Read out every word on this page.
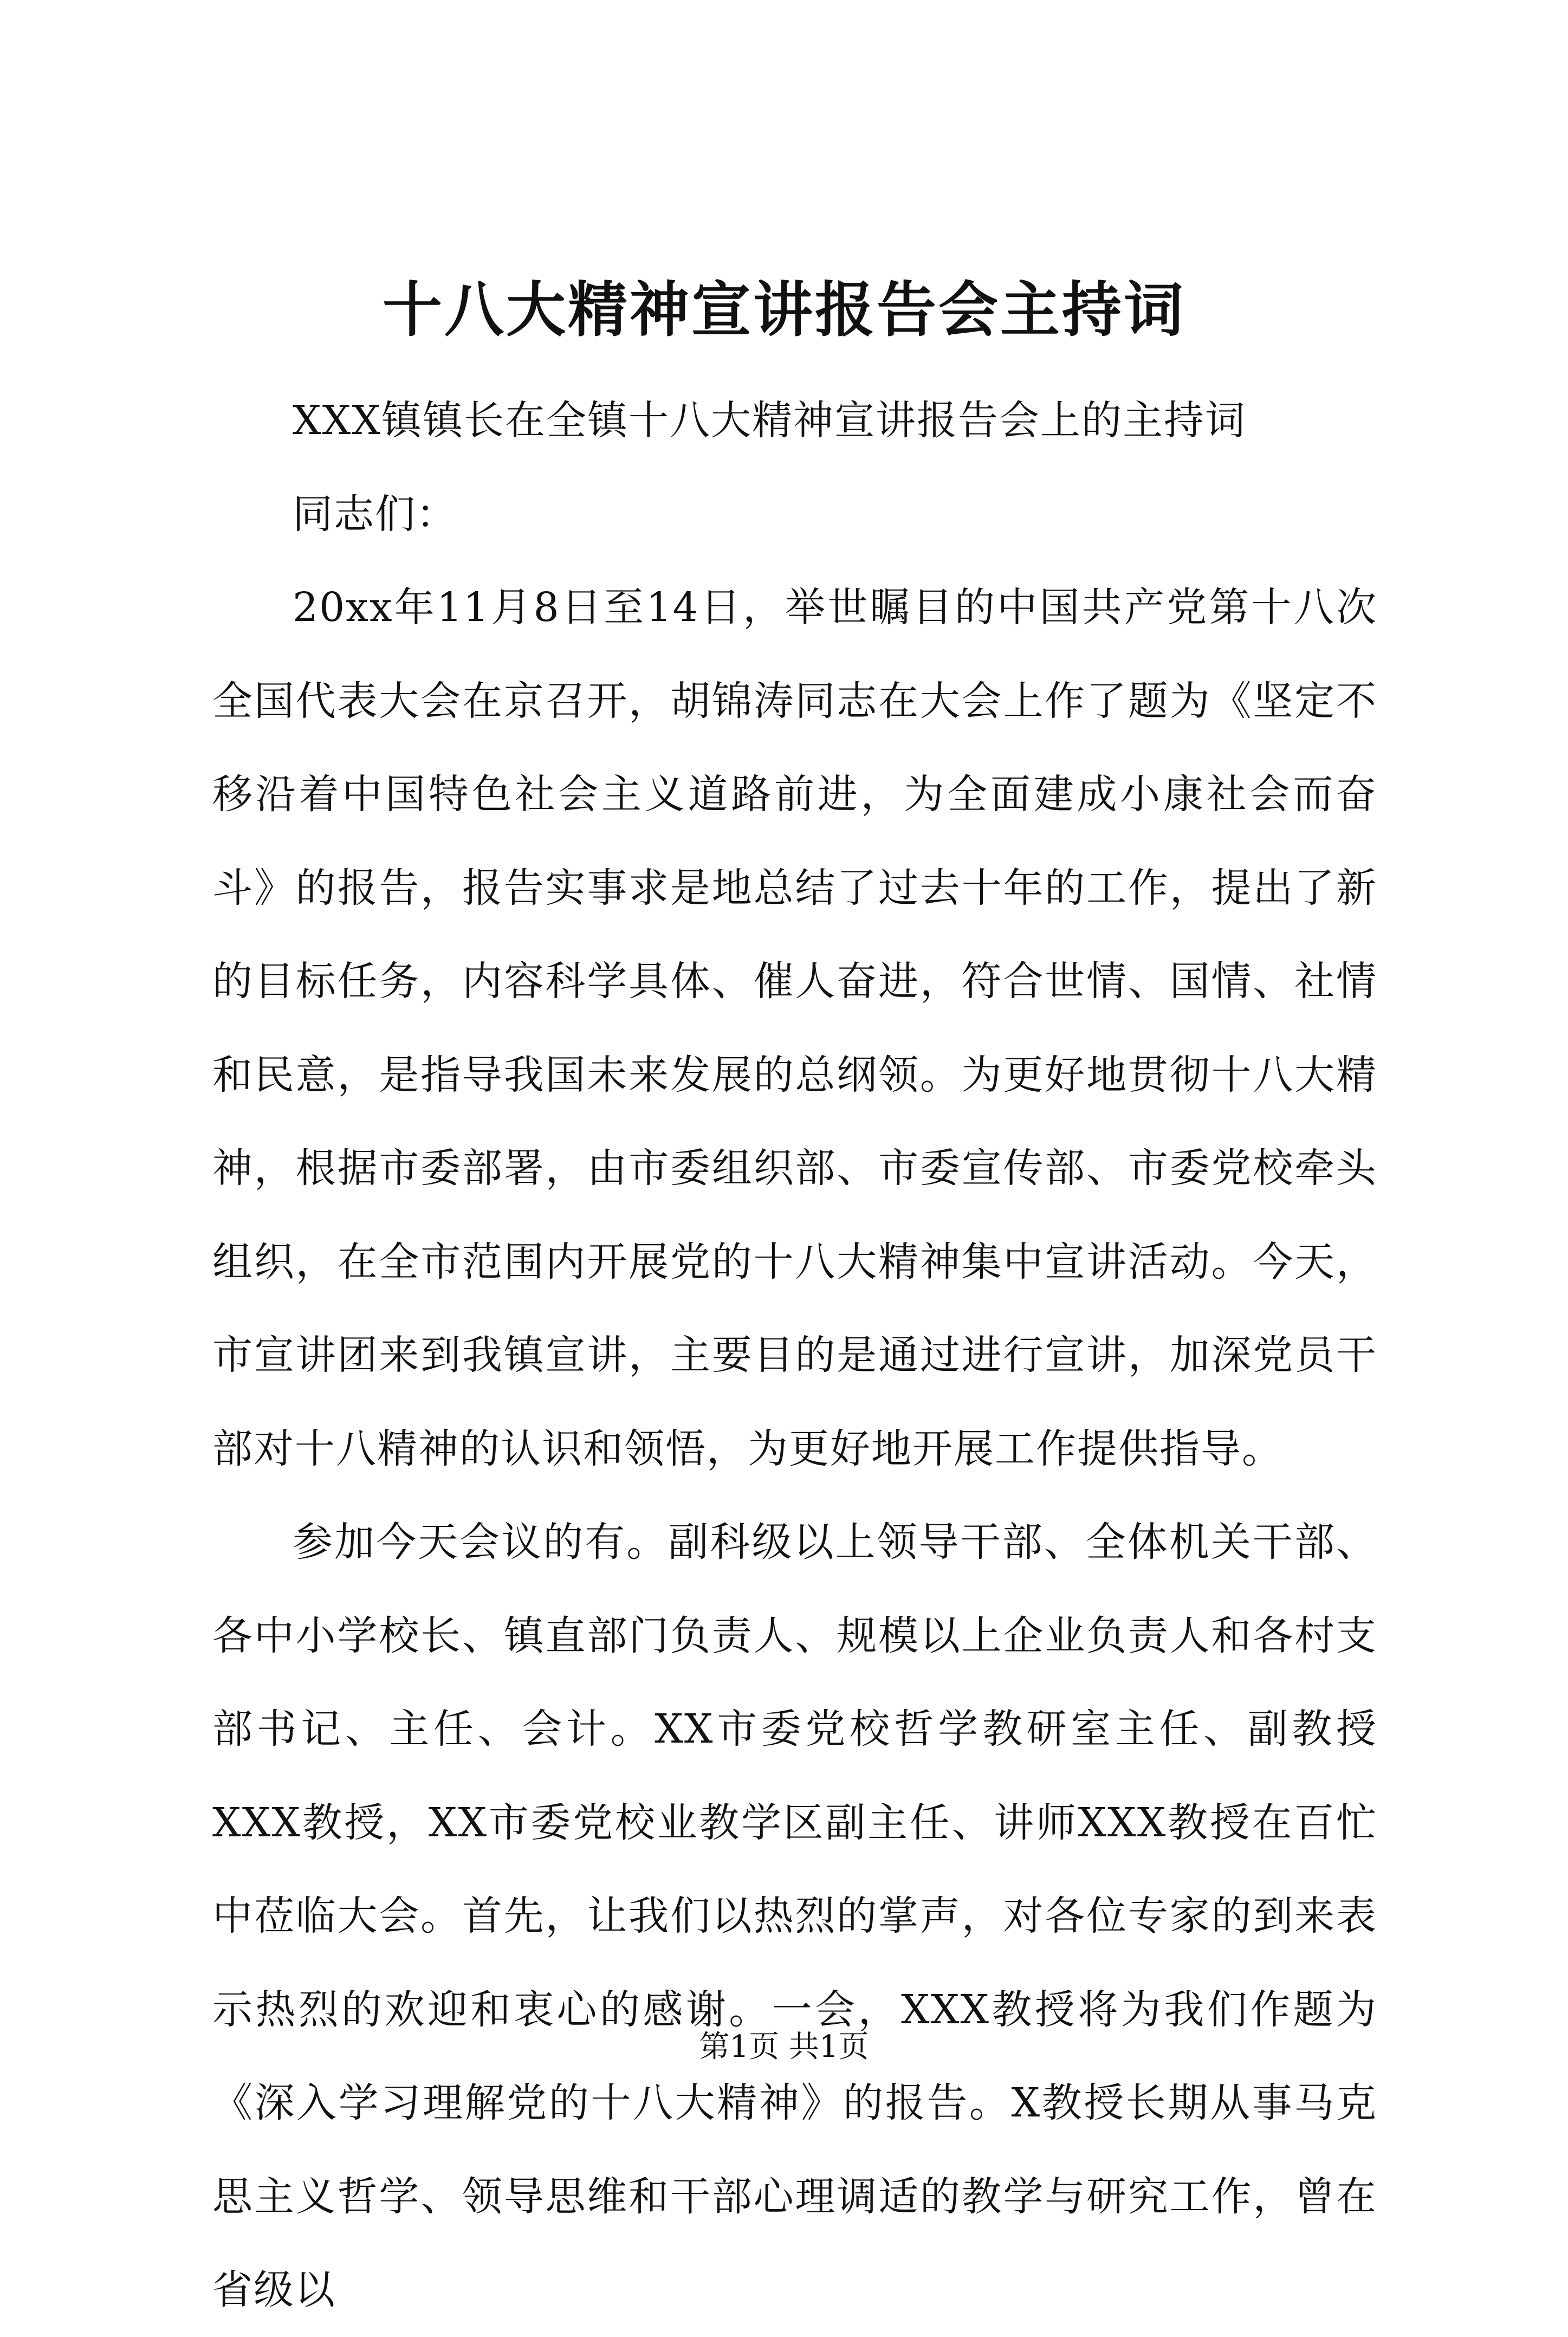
十八大精神宣讲报告会主持词

XXX镇镇长在全镇十八大精神宣讲报告会上的主持词

同志们：

20xx年11月8日至14日，举世瞩目的中国共产党第十八次全国代表大会在京召开，胡锦涛同志在大会上作了题为《坚定不移沿着中国特色社会主义道路前进，为全面建成小康社会而奋斗》的报告，报告实事求是地总结了过去十年的工作，提出了新的目标任务，内容科学具体、催人奋进，符合世情、国情、社情和民意，是指导我国未来发展的总纲领。为更好地贯彻十八大精神，根据市委部署，由市委组织部、市委宣传部、市委党校牵头组织，在全市范围内开展党的十八大精神集中宣讲活动。今天，市宣讲团来到我镇宣讲，主要目的是通过进行宣讲，加深党员干部对十八精神的认识和领悟，为更好地开展工作提供指导。

参加今天会议的有。副科级以上领导干部、全体机关干部、各中小学校长、镇直部门负责人、规模以上企业负责人和各村支部书记、主任、会计。XX市委党校哲学教研室主任、副教授XXX教授，XX市委党校业教学区副主任、讲师XXX教授在百忙中莅临大会。首先，让我们以热烈的掌声，对各位专家的到来表示热烈的欢迎和衷心的感谢。一会，XXX教授将为我们作题为《深入学习理解党的十八大精神》的报告。X教授长期从事马克思主义哲学、领导思维和干部心理调适的教学与研究工作，曾在省级以

第1页 共1页
